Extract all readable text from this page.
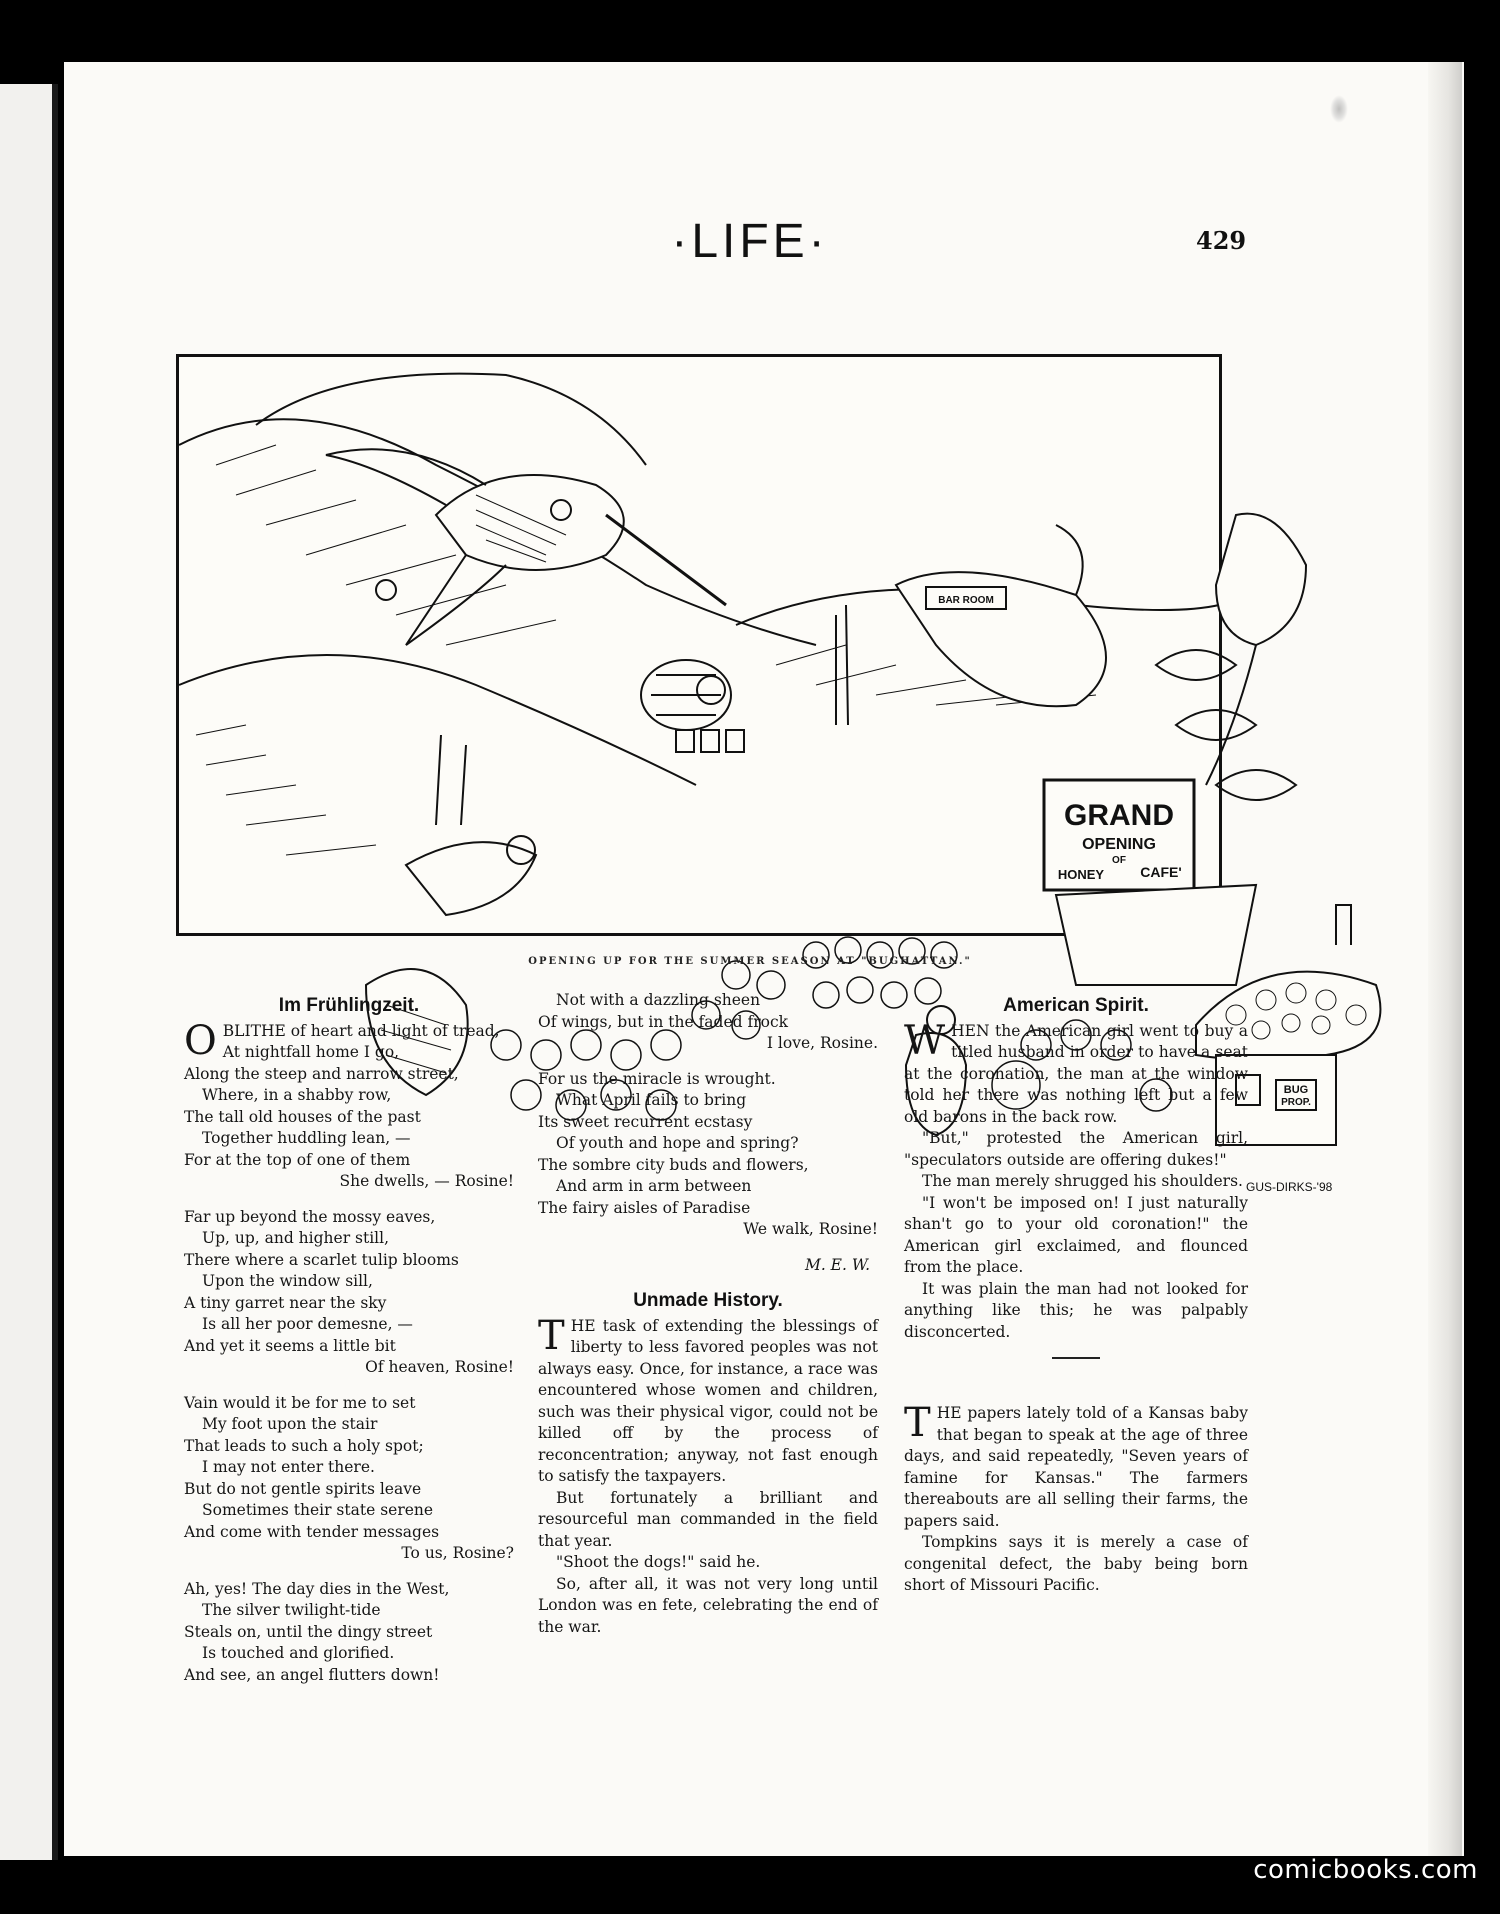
·LIFE·	429
GRAND
OPENING
OF
HONEY	CAFE'
BAR ROOM
BUG
PROP.
GUS-DIRKS-'98
OPENING UP FOR THE SUMMER SEASON AT "BUGHATTAN."
Im Frühlingzeit.
OBLITHE of heart and light of tread,
At nightfall home I go,
Along the steep and narrow street,
Where, in a shabby row,
The tall old houses of the past
Together huddling lean, —
For at the top of one of them
She dwells, — Rosine!
Far up beyond the mossy eaves,
Up, up, and higher still,
There where a scarlet tulip blooms
Upon the window sill,
A tiny garret near the sky
Is all her poor demesne, —
And yet it seems a little bit
Of heaven, Rosine!
Vain would it be for me to set
My foot upon the stair
That leads to such a holy spot;
I may not enter there.
But do not gentle spirits leave
Sometimes their state serene
And come with tender messages
To us, Rosine?
Ah, yes! The day dies in the West,
The silver twilight-tide
Steals on, until the dingy street
Is touched and glorified.
And see, an angel flutters down!
Not with a dazzling sheen
Of wings, but in the faded frock
I love, Rosine.
For us the miracle is wrought.
What April fails to bring
Its sweet recurrent ecstasy
Of youth and hope and spring?
The sombre city buds and flowers,
And arm in arm between
The fairy aisles of Paradise
We walk, Rosine!
M. E. W.
Unmade History.

THE task of extending the blessings of liberty to less favored peoples was not always easy. Once, for instance, a race was encountered whose women and children, such was their physical vigor, could not be killed off by the process of reconcentration; anyway, not fast enough to satisfy the taxpayers.

But fortunately a brilliant and resourceful man commanded in the field that year.

"Shoot the dogs!" said he.

So, after all, it was not very long until London was en fete, celebrating the end of the war.

American Spirit.

WHEN the American girl went to buy a titled husband in order to have a seat at the coronation, the man at the window told her there was nothing left but a few old barons in the back row.

"But," protested the American girl, "speculators outside are offering dukes!"

The man merely shrugged his shoulders.

"I won't be imposed on! I just naturally shan't go to your old coronation!" the American girl exclaimed, and flounced from the place.

It was plain the man had not looked for anything like this; he was palpably disconcerted.

THE papers lately told of a Kansas baby that began to speak at the age of three days, and said repeatedly, "Seven years of famine for Kansas." The farmers thereabouts are all selling their farms, the papers said.

Tompkins says it is merely a case of congenital defect, the baby being born short of Missouri Pacific.

comicbooks.com
